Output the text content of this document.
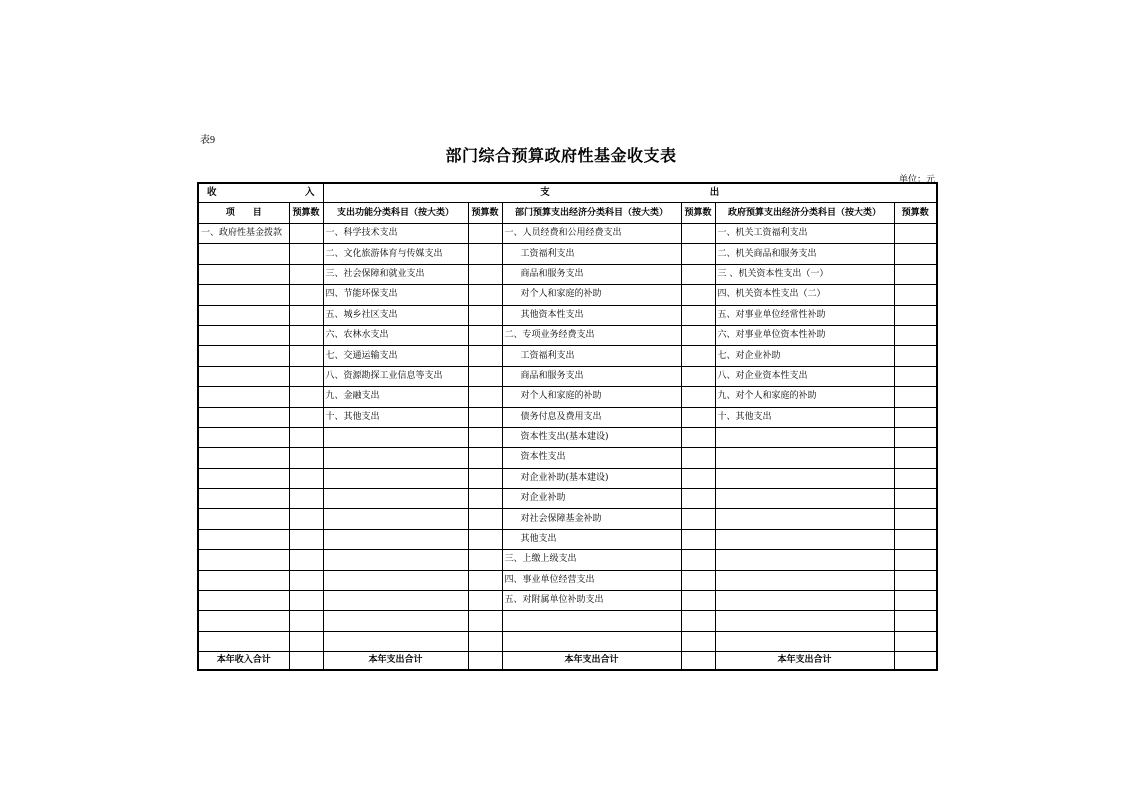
表9
部门综合预算政府性基金收支表
单位：元
收 入		支 出					

项　　目	预算数	支出功能分类科目（按大类）	预算数	部门预算支出经济分类科目（按大类）	预算数	政府预算支出经济分类科目（按大类）	预算数
一、政府性基金拨款		一、科学技术支出		一、人员经费和公用经费支出		一、机关工资福利支出	
		二、文化旅游体育与传媒支出		工资福利支出		二、机关商品和服务支出	
		三、社会保障和就业支出		商品和服务支出		三 、机关资本性支出（一）	
		四、节能环保支出		对个人和家庭的补助		四、机关资本性支出（二）	
		五、城乡社区支出		其他资本性支出		五、对事业单位经常性补助	
		六、农林水支出		二、专项业务经费支出		六、对事业单位资本性补助	
		七、交通运输支出		工资福利支出		七、对企业补助	
		八、资源勘探工业信息等支出		商品和服务支出		八、对企业资本性支出	
		九、金融支出		对个人和家庭的补助		九、对个人和家庭的补助	
		十、其他支出		债务付息及费用支出		十、其他支出	
				资本性支出(基本建设)			
				资本性支出			
				对企业补助(基本建设)			
				对企业补助			
				对社会保障基金补助			
				其他支出			
				三、上缴上级支出			
				四、事业单位经营支出			
				五、对附属单位补助支出			

本年收入合计		本年支出合计		本年支出合计		本年支出合计	
